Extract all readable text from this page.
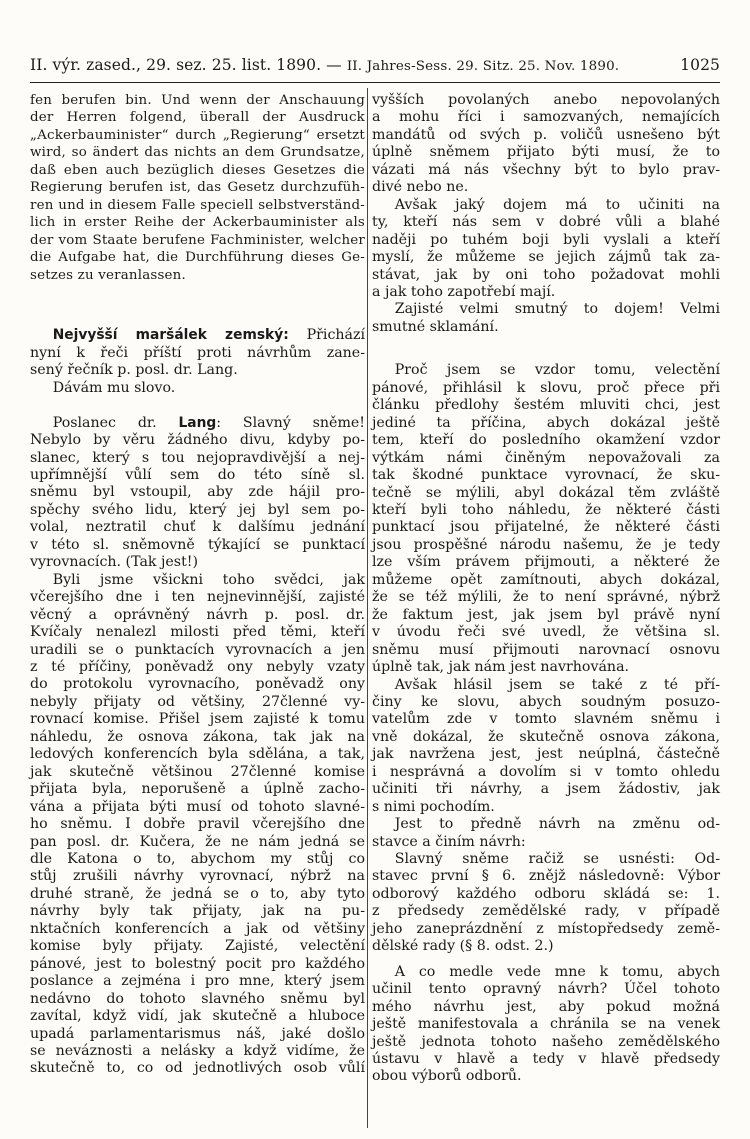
II. výr. zased., 29. sez. 25. list. 1890. — II. Jahres-Sess. 29. Sitz. 25. Nov. 1890.	1025
fen berufen bin. Und wenn der Anschauung
der Herren folgend, überall der Ausdruck
„Ackerbauminister“ durch „Regierung“ ersetzt
wird, so ändert das nichts an dem Grundsatze,
daß eben auch bezüglich dieses Gesetzes die
Regierung berufen ist, das Gesetz durchzufüh-
ren und in diesem Falle speciell selbstverständ-
lich in erster Reihe der Ackerbauminister als
der vom Staate berufene Fachminister, welcher
die Aufgabe hat, die Durchführung dieses Ge-
setzes zu veranlassen.
Nejvyšší maršálek zemský: Přichází
nyní k řeči příští proti návrhům zane-
sený řečník p. posl. dr. Lang.
Dávám mu slovo.
Poslanec dr. Lang: Slavný sněme!
Nebylo by věru žádného divu, kdyby po-
slanec, který s tou nejopravdivější a nej-
upřímnější vůlí sem do této síně sl.
sněmu byl vstoupil, aby zde hájil pro-
spěchy svého lidu, který jej byl sem po-
volal, neztratil chuť k dalšímu jednání
v této sl. sněmovně týkající se punktací
vyrovnacích. (Tak jest!)
Byli jsme všickni toho svědci, jak
včerejšího dne i ten nejnevinnější, zajisté
věcný a oprávněný návrh p. posl. dr.
Kvíčaly nenalezl milosti před těmi, kteří
uradili se o punktacích vyrovnacích a jen
z té příčiny, poněvadž ony nebyly vzaty
do protokolu vyrovnacího, poněvadž ony
nebyly přijaty od většiny, 27členné vy-
rovnací komise. Přišel jsem zajisté k tomu
náhledu, že osnova zákona, tak jak na
ledových konferencích byla sdělána, a tak,
jak skutečně většinou 27členné komise
přijata byla, neporušeně a úplně zacho-
vána a přijata býti musí od tohoto slavné-
ho sněmu. I dobře pravil včerejšího dne
pan posl. dr. Kučera, že ne nám jedná se
dle Katona o to, abychom my stůj co
stůj zrušili návrhy vyrovnací, nýbrž na
druhé straně, že jedná se o to, aby tyto
návrhy byly tak přijaty, jak na pu-
nktačních konferencích a jak od většiny
komise byly přijaty. Zajisté, velectění
pánové, jest to bolestný pocit pro každého
poslance a zejména i pro mne, který jsem
nedávno do tohoto slavného sněmu byl
zavítal, když vidí, jak skutečně a hluboce
upadá parlamentarismus náš, jaké došlo
se neváznosti a nelásky a když vidíme, že
skutečně to, co od jednotlivých osob vůlí
vyšších povolaných anebo nepovolaných
a mohu říci i samozvaných, nemajících
mandátů od svých p. voličů usnešeno být
úplně sněmem přijato býti musí, že to
vázati má nás všechny být to bylo prav-
divé nebo ne.
Avšak jaký dojem má to učiniti na
ty, kteří nás sem v dobré vůli a blahé
naději po tuhém boji byli vyslali a kteří
myslí, že můžeme se jejich zájmů tak za-
stávat, jak by oni toho požadovat mohli
a jak toho zapotřebí mají.
Zajisté velmi smutný to dojem! Velmi
smutné sklamání.
Proč jsem se vzdor tomu, velectění
pánové, přihlásil k slovu, proč přece při
článku předlohy šestém mluviti chci, jest
jediné ta příčina, abych dokázal ještě
tem, kteří do posledního okamžení vzdor
výtkám námi činěným nepovažovali za
tak škodné punktace vyrovnací, že sku-
tečně se mýlili, abyl dokázal těm zvláště
kteří byli toho náhledu, že některé části
punktací jsou přijatelné, že některé části
jsou prospěšné národu našemu, že je tedy
lze vším právem přijmouti, a některé že
můžeme opět zamítnouti, abych dokázal,
že se též mýlili, že to není správné, nýbrž
že faktum jest, jak jsem byl právě nyní
v úvodu řeči své uvedl, že většina sl.
sněmu musí přijmouti narovnací osnovu
úplně tak, jak nám jest navrhována.
Avšak hlásil jsem se také z té pří-
činy ke slovu, abych soudným posuzo-
vatelům zde v tomto slavném sněmu i
vně dokázal, že skutečně osnova zákona,
jak navržena jest, jest neúplná, částečně
i nesprávná a dovolím si v tomto ohledu
učiniti tři návrhy, a jsem žádostiv, jak
s nimi pochodím.
Jest to předně návrh na změnu od-
stavce a činím návrh:
Slavný sněme račiž se usnésti: Od-
stavec první § 6. znějž následovně: Výbor
odborový každého odboru skládá se: 1.
z předsedy zemědělské rady, v případě
jeho zaneprázdnění z místopředsedy země-
dělské rady (§ 8. odst. 2.)
A co medle vede mne k tomu, abych
učinil tento opravný návrh? Účel tohoto
mého návrhu jest, aby pokud možná
ještě manifestovala a chránila se na venek
ještě jednota tohoto našeho zemědělského
ústavu v hlavě a tedy v hlavě předsedy
obou výborů odborů.
